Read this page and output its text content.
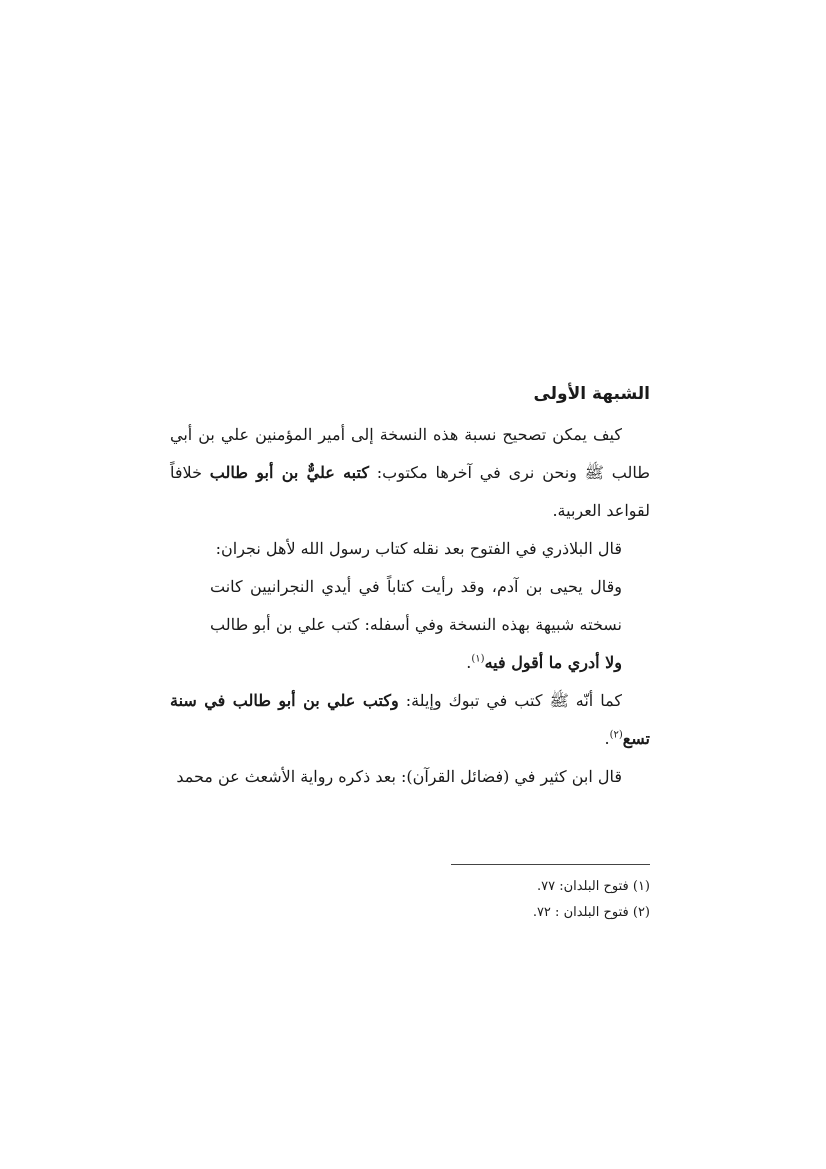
الشبهة الأولى

كيف يمكن تصحيح نسبة هذه النسخة إلى أمير المؤمنين علي بن أبي طالب ﷺ ونحن نرى في آخرها مكتوب: كتبه عليٌّ بن أبو طالب خلافاً لقواعد العربية.

قال البلاذري في الفتوح بعد نقله كتاب رسول الله لأهل نجران:

وقال يحيى بن آدم، وقد رأيت كتاباً في أيدي النجرانيين كانت نسخته شبيهة بهذه النسخة وفي أسفله: كتب علي بن أبو طالب ولا أدري ما أقول فيه$^{(١)}$.

كما أنّه ﷺ كتب في تبوك وإيلة: وكتب علي بن أبو طالب في سنة تسع$^{(٢)}$.

قال ابن كثير في (فضائل القرآن): بعد ذكره رواية الأشعث عن محمد

(١) فتوح البلدان: ٧٧.

(٢) فتوح البلدان : ٧٢.
